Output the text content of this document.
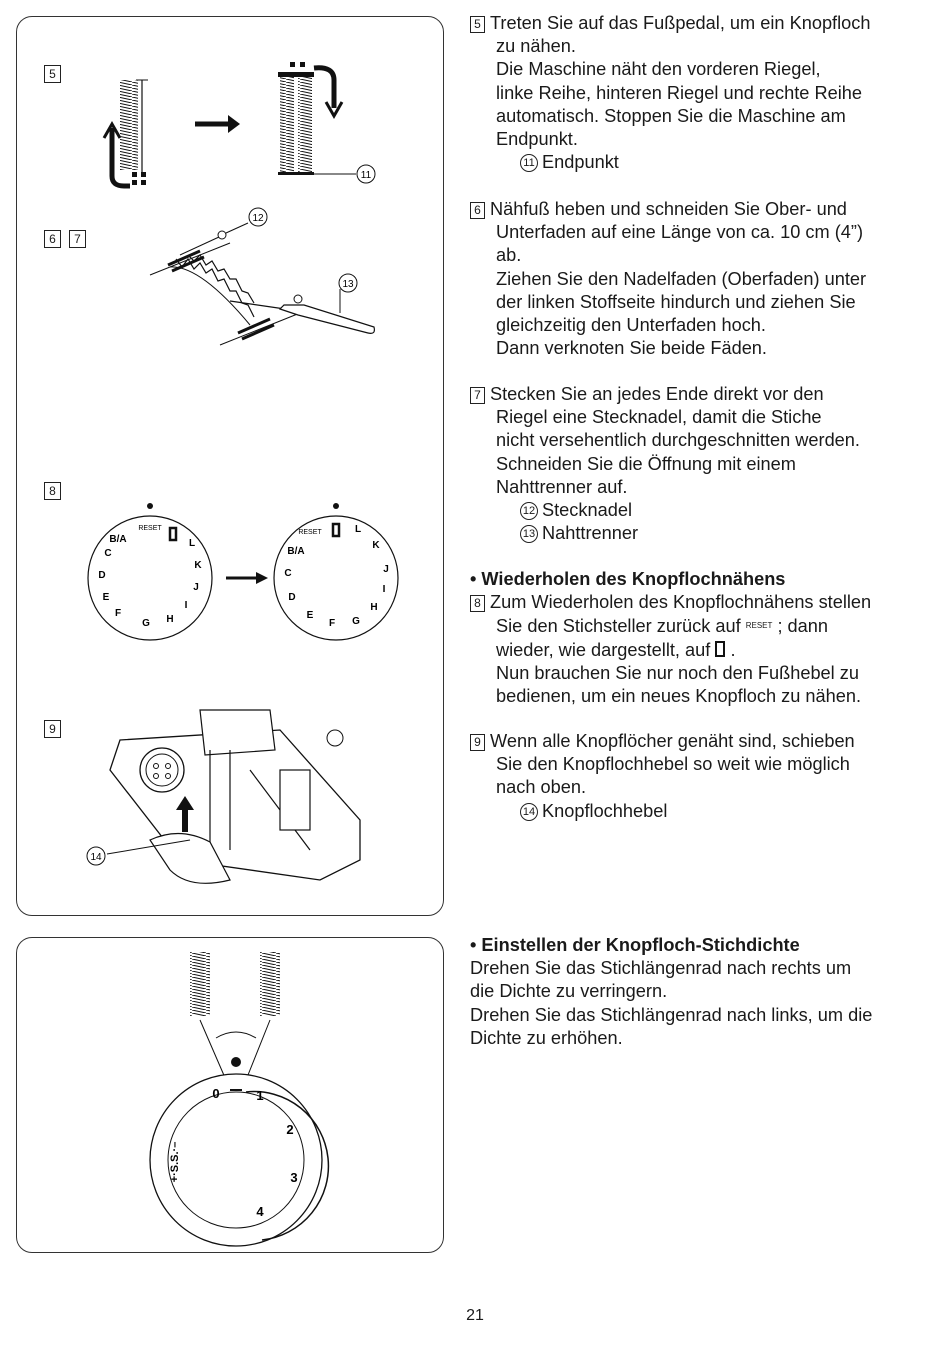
5
6	7
8
9
11
12
13
RESET
B/A
C
D
E
F
G H
I
J
K
L
RESET
B/A
C
D
E
F G
H
I
J
K
L
14
0	1
2
3
4
+·S.S.·–
5 Treten Sie auf das Fußpedal, um ein Knopfloch
zu nähen.
Die Maschine näht den vorderen Riegel,
linke Reihe, hinteren Riegel und rechte Reihe
automatisch. Stoppen Sie die Maschine am
Endpunkt.
11 Endpunkt
6 Nähfuß heben und schneiden Sie Ober- und
Unterfaden auf eine Länge von ca. 10 cm (4”)
ab.
Ziehen Sie den Nadelfaden (Oberfaden) unter
der linken Stoffseite hindurch und ziehen Sie
gleichzeitig den Unterfaden hoch.
Dann verknoten Sie beide Fäden.
7 Stecken Sie an jedes Ende direkt vor den
Riegel eine Stecknadel, damit die Stiche
nicht versehentlich durchgeschnitten werden.
Schneiden Sie die Öffnung mit einem
Nahttrenner auf.
12 Stecknadel
13 Nahttrenner
• Wiederholen des Knopflochnähens
8 Zum Wiederholen des Knopflochnähens stellen
Sie den Stichsteller zurück auf $^{RESET}$ ; dann
wieder, wie dargestellt, auf .
Nun brauchen Sie nur noch den Fußhebel zu
bedienen, um ein neues Knopfloch zu nähen.
9 Wenn alle Knopflöcher genäht sind, schieben
Sie den Knopflochhebel so weit wie möglich
nach oben.
14 Knopflochhebel
• Einstellen der Knopfloch-Stichdichte
Drehen Sie das Stichlängenrad nach rechts um
die Dichte zu verringern.
Drehen Sie das Stichlängenrad nach links, um die
Dichte zu erhöhen.
21
